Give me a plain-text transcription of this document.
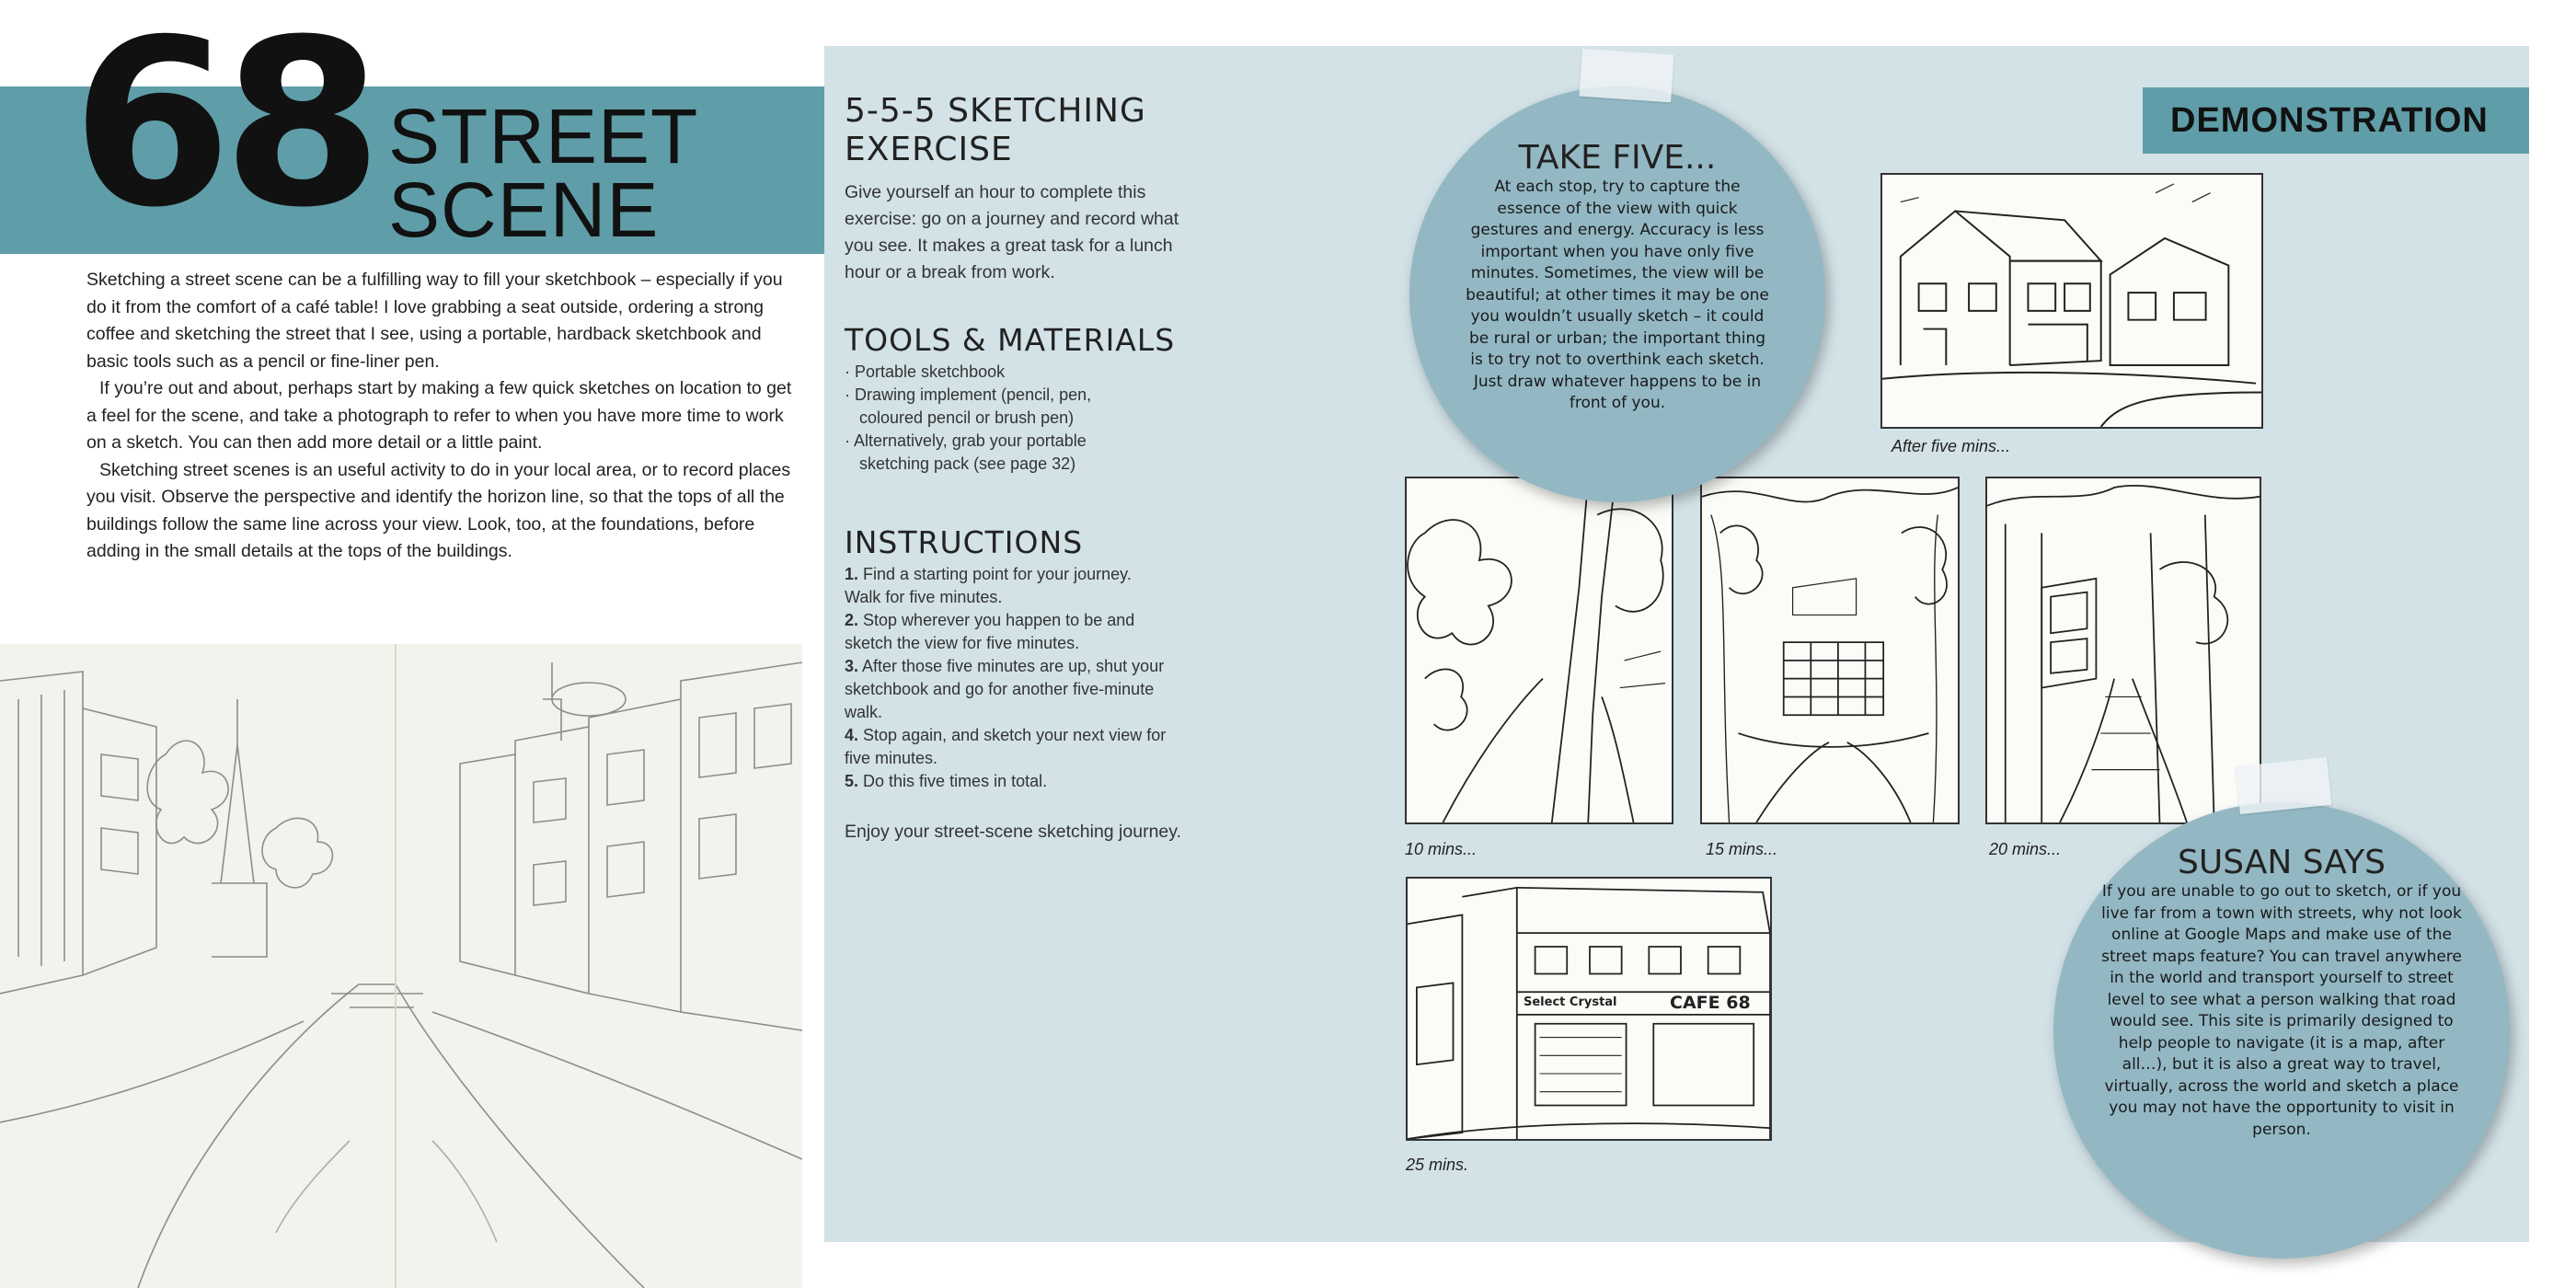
68 STREET
SCENE

Sketching a street scene can be a fulfilling way to fill your sketchbook – especially if you do it from the comfort of a café table! I love grabbing a seat outside, ordering a strong coffee and sketching the street that I see, using a portable, hardback sketchbook and basic tools such as a pencil or fine-liner pen.

If you’re out and about, perhaps start by making a few quick sketches on location to get a feel for the scene, and take a photograph to refer to when you have more time to work on a sketch. You can then add more detail or a little paint.

Sketching street scenes is an useful activity to do in your local area, or to record places you visit. Observe the perspective and identify the horizon line, so that the tops of all the buildings follow the same line across your view. Look, too, at the foundations, before adding in the small details at the tops of the buildings.

5-5-5 SKETCHING EXERCISE
Give yourself an hour to complete this exercise: go on a journey and record what you see. It makes a great task for a lunch hour or a break from work.
TOOLS & MATERIALS
· Portable sketchbook
· Drawing implement (pencil, pen, coloured pencil or brush pen)
· Alternatively, grab your portable sketching pack (see page 32)
INSTRUCTIONS
1. Find a starting point for your journey. Walk for five minutes.
2. Stop wherever you happen to be and sketch the view for five minutes.
3. After those five minutes are up, shut your sketchbook and go for another five-minute walk.
4. Stop again, and sketch your next view for five minutes.
5. Do this five times in total.
Enjoy your street-scene sketching journey.
DEMONSTRATION
After five mins...
10 mins...	15 mins...	20 mins...
Select Crystal	CAFE 68
25 mins.
TAKE FIVE...

At each stop, try to capture the essence of the view with quick gestures and energy. Accuracy is less important when you have only five minutes. Sometimes, the view will be beautiful; at other times it may be one you wouldn’t usually sketch – it could be rural or urban; the important thing is to try not to overthink each sketch. Just draw whatever happens to be in front of you.

SUSAN SAYS

If you are unable to go out to sketch, or if you live far from a town with streets, why not look online at Google Maps and make use of the street maps feature? You can travel anywhere in the world and transport yourself to street level to see what a person walking that road would see. This site is primarily designed to help people to navigate (it is a map, after all…), but it is also a great way to travel, virtually, across the world and sketch a place you may not have the opportunity to visit in person.
